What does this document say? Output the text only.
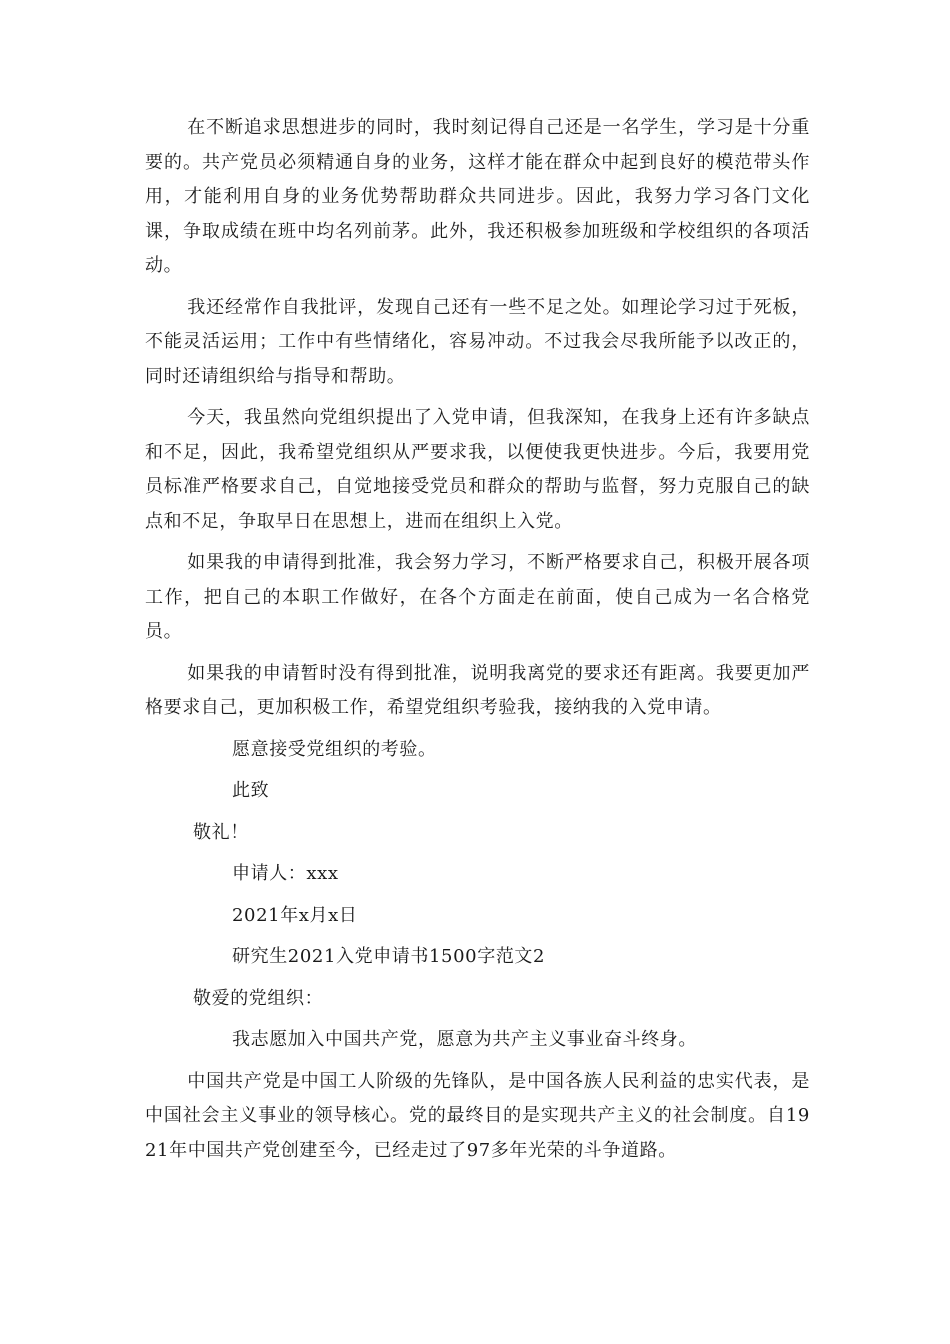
在不断追求思想进步的同时，我时刻记得自己还是一名学生，学习是十分重要的。共产党员必须精通自身的业务，这样才能在群众中起到良好的模范带头作用，才能利用自身的业务优势帮助群众共同进步。因此，我努力学习各门文化课，争取成绩在班中均名列前茅。此外，我还积极参加班级和学校组织的各项活动。

我还经常作自我批评，发现自己还有一些不足之处。如理论学习过于死板，不能灵活运用；工作中有些情绪化，容易冲动。不过我会尽我所能予以改正的，同时还请组织给与指导和帮助。

今天，我虽然向党组织提出了入党申请，但我深知，在我身上还有许多缺点和不足，因此，我希望党组织从严要求我，以便使我更快进步。今后，我要用党员标准严格要求自己，自觉地接受党员和群众的帮助与监督，努力克服自己的缺点和不足，争取早日在思想上，进而在组织上入党。

如果我的申请得到批准，我会努力学习，不断严格要求自己，积极开展各项工作，把自己的本职工作做好，在各个方面走在前面，使自己成为一名合格党员。

如果我的申请暂时没有得到批准，说明我离党的要求还有距离。我要更加严格要求自己，更加积极工作，希望党组织考验我，接纳我的入党申请。

愿意接受党组织的考验。

此致

敬礼！

申请人：xxx

2021年x月x日

研究生2021入党申请书1500字范文2

敬爱的党组织：

我志愿加入中国共产党，愿意为共产主义事业奋斗终身。

中国共产党是中国工人阶级的先锋队，是中国各族人民利益的忠实代表，是中国社会主义事业的领导核心。党的最终目的是实现共产主义的社会制度。自1921年中国共产党创建至今，已经走过了97多年光荣的斗争道路。
